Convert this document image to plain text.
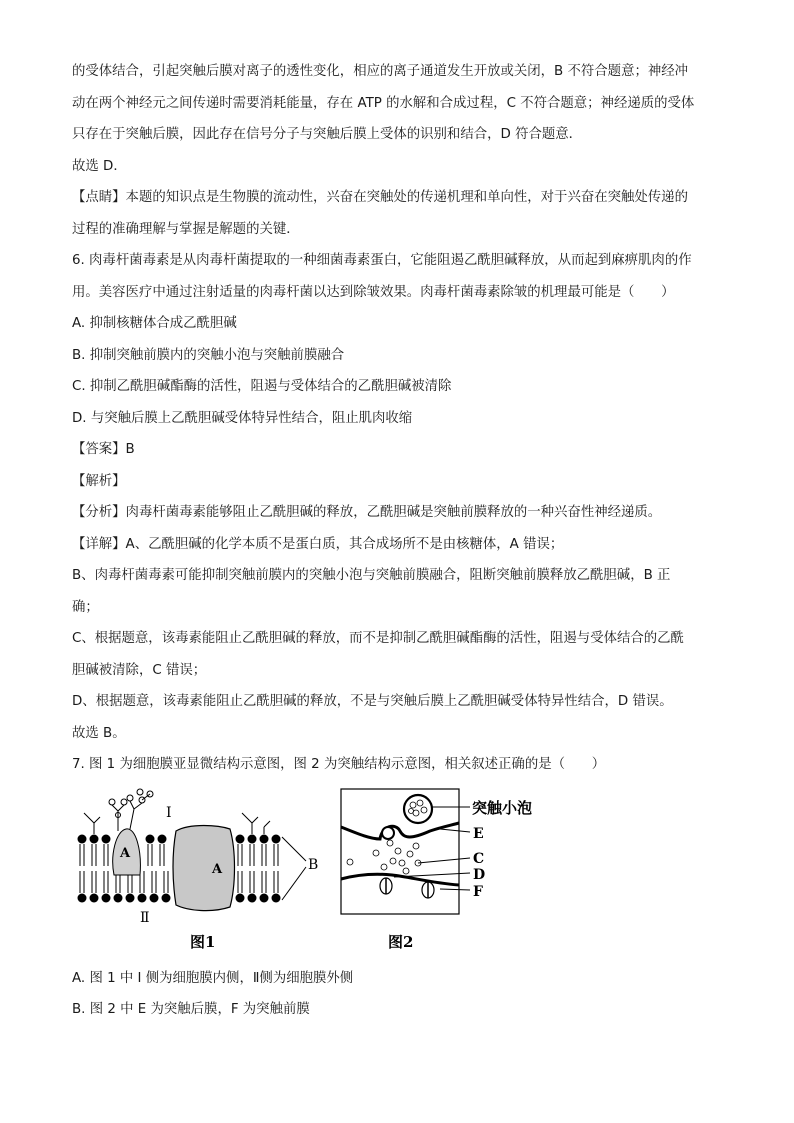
的受体结合，引起突触后膜对离子的透性变化，相应的离子通道发生开放或关闭，B 不符合题意；神经冲

动在两个神经元之间传递时需要消耗能量，存在 ATP 的水解和合成过程，C 不符合题意；神经递质的受体

只存在于突触后膜，因此存在信号分子与突触后膜上受体的识别和结合，D 符合题意．

故选 D．

【点睛】本题的知识点是生物膜的流动性，兴奋在突触处的传递机理和单向性，对于兴奋在突触处传递的

过程的准确理解与掌握是解题的关键．

6. 肉毒杆菌毒素是从肉毒杆菌提取的一种细菌毒素蛋白，它能阻遏乙酰胆碱释放，从而起到麻痹肌肉的作

用。美容医疗中通过注射适量的肉毒杆菌以达到除皱效果。肉毒杆菌毒素除皱的机理最可能是（　　）

A. 抑制核糖体合成乙酰胆碱

B. 抑制突触前膜内的突触小泡与突触前膜融合

C. 抑制乙酰胆碱酯酶的活性，阻遏与受体结合的乙酰胆碱被清除

D. 与突触后膜上乙酰胆碱受体特异性结合，阻止肌肉收缩

【答案】B

【解析】

【分析】肉毒杆菌毒素能够阻止乙酰胆碱的释放，乙酰胆碱是突触前膜释放的一种兴奋性神经递质。

【详解】A、乙酰胆碱的化学本质不是蛋白质，其合成场所不是由核糖体，A 错误；

B、肉毒杆菌毒素可能抑制突触前膜内的突触小泡与突触前膜融合，阻断突触前膜释放乙酰胆碱，B 正

确；

C、根据题意，该毒素能阻止乙酰胆碱的释放，而不是抑制乙酰胆碱酯酶的活性，阻遏与受体结合的乙酰

胆碱被清除，C 错误；

D、根据题意，该毒素能阻止乙酰胆碱的释放，不是与突触后膜上乙酰胆碱受体特异性结合，D 错误。

故选 B。

7. 图 1 为细胞膜亚显微结构示意图，图 2 为突触结构示意图，相关叙述正确的是（　　）

Ⅰ
Ⅱ
A
A	B
图1
突触小泡
E
C
D
F
图2

A. 图 1 中 I 侧为细胞膜内侧，Ⅱ侧为细胞膜外侧

B. 图 2 中 E 为突触后膜，F 为突触前膜
